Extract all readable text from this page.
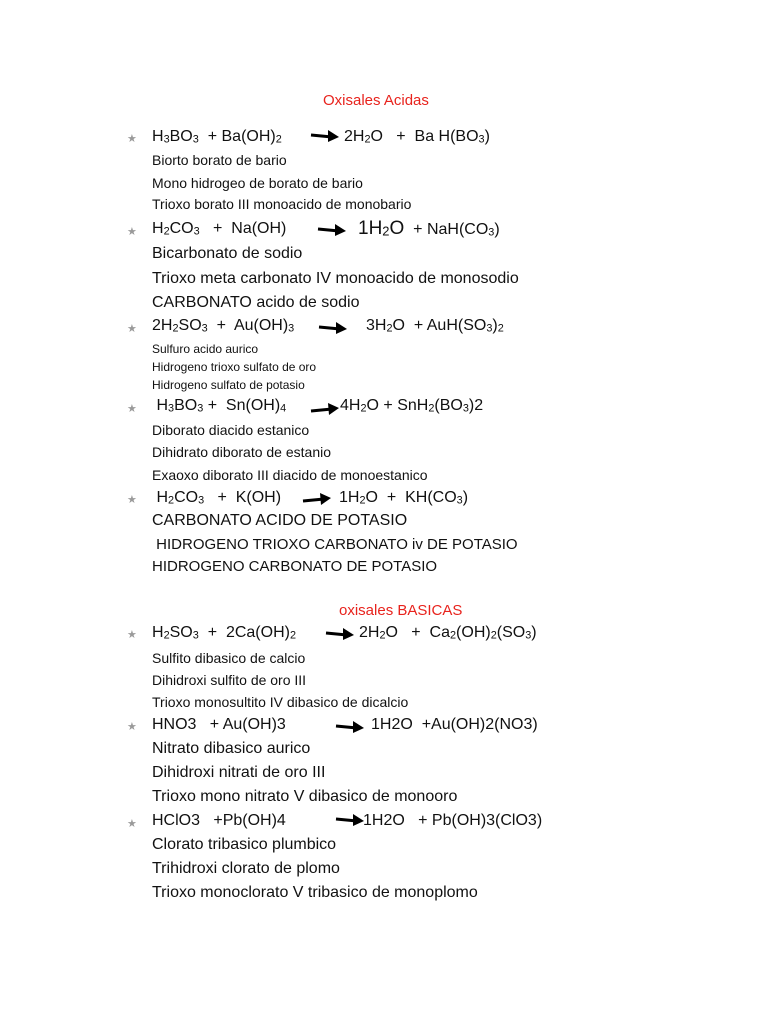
Oxisales Acidas
oxisales BASICAS
★ $H_3BO_3 + Ba(OH)_2$	$2H_2O + Ba$ $H(BO_3)$
Biorto borato de bario
Mono hidrogeo de borato de bario
Trioxo borato III monoacido de monobario
★ $H_2CO_3 + Na(OH)$	$1H_2O + NaH(CO_3)$
Bicarbonato de sodio
Trioxo meta carbonato IV monoacido de monosodio
CARBONATO acido de sodio
★ $2H_2SO_3 + Au(OH)_3$	$3H_2O + AuH(SO_3)_2$
Sulfuro acido aurico
Hidrogeno trioxo sulfato de oro
Hidrogeno sulfato de potasio
★ $H_3BO_3 + Sn(OH)_4$	$4H_2O + SnH_2(BO_3)2$
Diborato diacido estanico
Dihidrato diborato de estanio
Exaoxo diborato III diacido de monoestanico
★ $H_2CO_3 + K(OH)$	$1H_2O + KH(CO_3)$
CARBONATO ACIDO DE POTASIO
HIDROGENO TRIOXO CARBONATO iv DE POTASIO
HIDROGENO CARBONATO DE POTASIO
★ $H_2SO_3 + 2Ca(OH)_2$	$2H_2O + Ca_2(OH)_2(SO_3)$
Sulfito dibasico de calcio
Dihidroxi sulfito de oro III
Trioxo monosultito IV dibasico de dicalcio
★ HNO3   + Au(OH)3	1H2O  +Au(OH)2(NO3)
Nitrato dibasico aurico
Dihidroxi nitrati de oro III
Trioxo mono nitrato V dibasico de monooro
★ HClO3   +Pb(OH)4	1H2O   + Pb(OH)3(ClO3)
Clorato tribasico plumbico
Trihidroxi clorato de plomo
Trioxo monoclorato V tribasico de monoplomo
